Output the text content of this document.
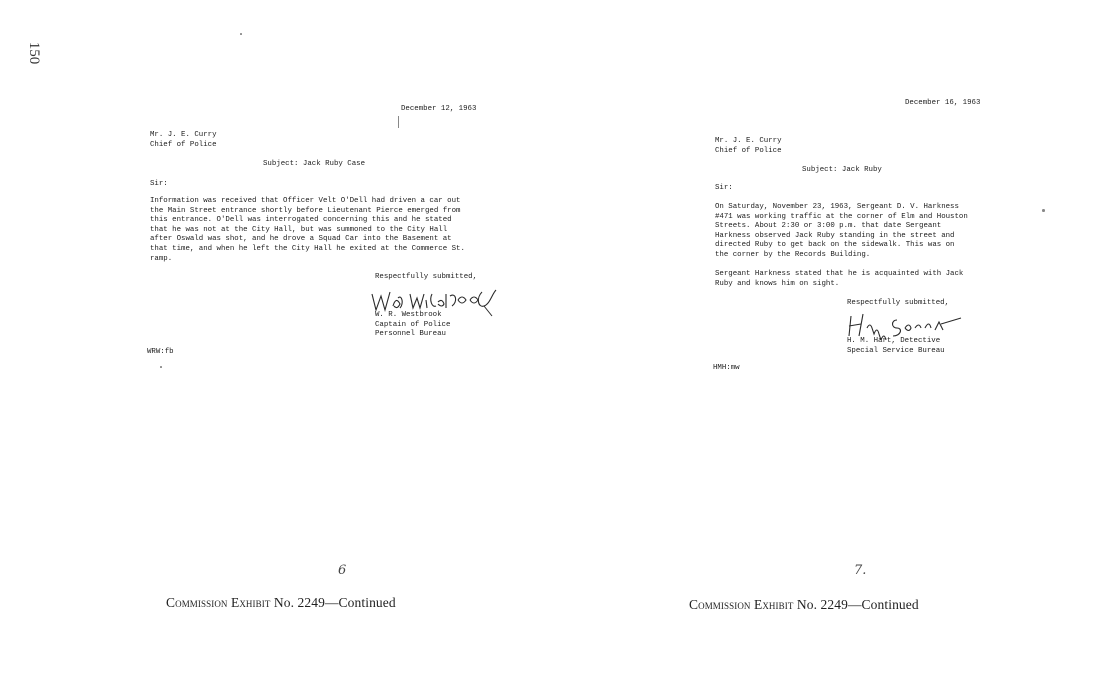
150
December 12, 1963
Mr. J. E. Curry
Chief of Police
Subject: Jack Ruby Case
Sir:

Information was received that Officer Velt O'Dell had driven a car out

the Main Street entrance shortly before Lieutenant Pierce emerged from

this entrance. O'Dell was interrogated concerning this and he stated

that he was not at the City Hall, but was summoned to the City Hall

after Oswald was shot, and he drove a Squad Car into the Basement at

that time, and when he left the City Hall he exited at the Commerce St.

ramp.

Respectfully submitted,
W. R. Westbrook
Captain of Police
Personnel Bureau
WRW:fb
6
Commission Exhibit No. 2249—Continued
December 16, 1963
Mr. J. E. Curry
Chief of Police
Subject: Jack Ruby
Sir:

On Saturday, November 23, 1963, Sergeant D. V. Harkness

#471 was working traffic at the corner of Elm and Houston

Streets. About 2:30 or 3:00 p.m. that date Sergeant

Harkness observed Jack Ruby standing in the street and

directed Ruby to get back on the sidewalk. This was on

the corner by the Records Building.

Sergeant Harkness stated that he is acquainted with Jack

Ruby and knows him on sight.

Respectfully submitted,
H. M. Hart, Detective
Special Service Bureau
HMH:mw
7.
Commission Exhibit No. 2249—Continued
